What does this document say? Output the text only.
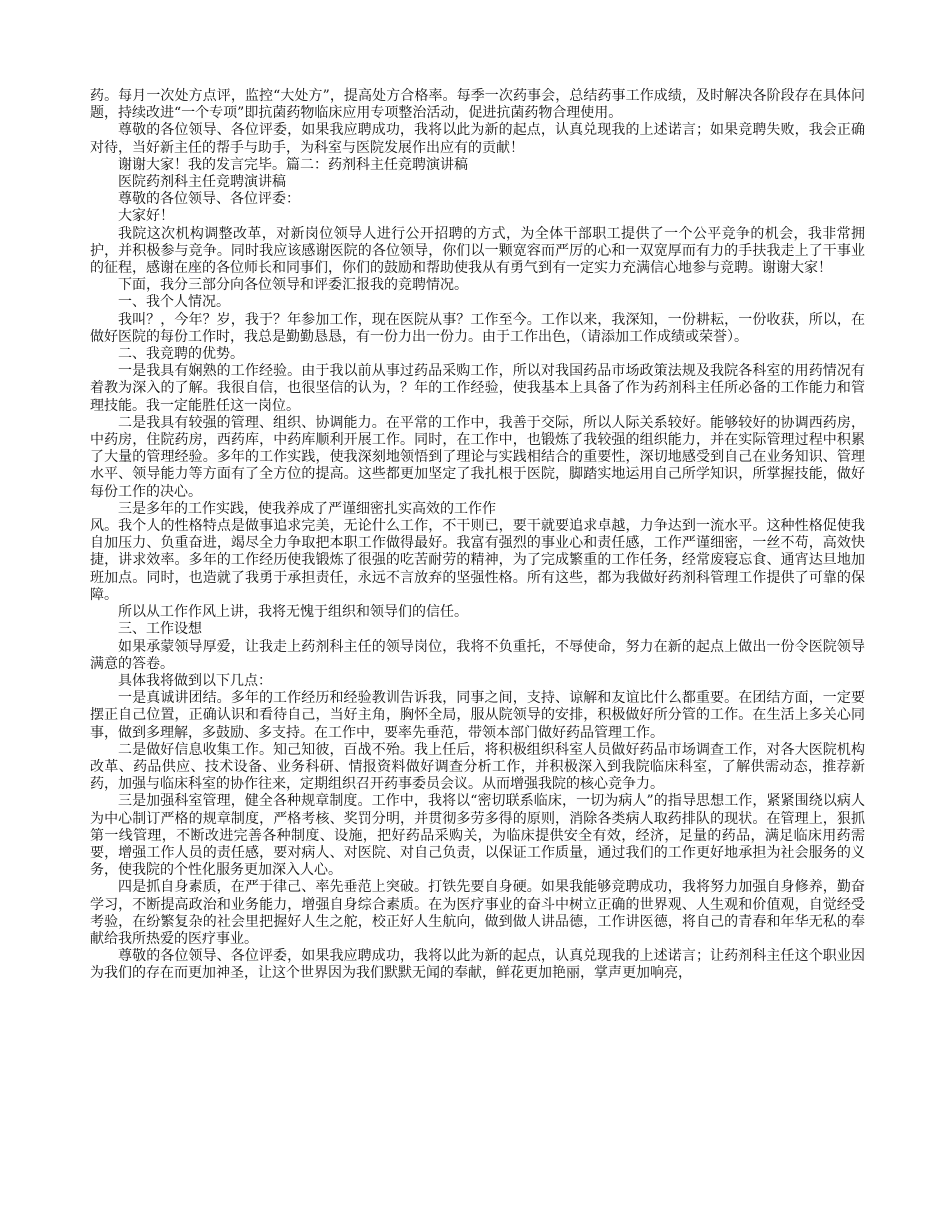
药。每月一次处方点评，监控“大处方”，提高处方合格率。每季一次药事会，总结药事工作成绩，及时解决各阶段存在具体问题，持续改进“一个专项”即抗菌药物临床应用专项整治活动，促进抗菌药物合理使用。

尊敬的各位领导、各位评委，如果我应聘成功，我将以此为新的起点，认真兑现我的上述诺言；如果竞聘失败，我会正确对待，当好新主任的帮手与助手，为科室与医院发展作出应有的贡献！

谢谢大家！我的发言完毕。篇二：药剂科主任竞聘演讲稿

医院药剂科主任竞聘演讲稿

尊敬的各位领导、各位评委：

大家好！

我院这次机构调整改革，对新岗位领导人进行公开招聘的方式，为全体干部职工提供了一个公平竞争的机会，我非常拥护，并积极参与竞争。同时我应该感谢医院的各位领导，你们以一颗宽容而严厉的心和一双宽厚而有力的手扶我走上了干事业的征程，感谢在座的各位师长和同事们，你们的鼓励和帮助使我从有勇气到有一定实力充满信心地参与竞聘。谢谢大家！

下面，我分三部分向各位领导和评委汇报我的竞聘情况。

一、我个人情况。

我叫？，今年？岁，我于？年参加工作，现在医院从事？工作至今。工作以来，我深知，一份耕耘，一份收获，所以，在做好医院的每份工作时，我总是勤勤恳恳，有一份力出一份力。由于工作出色，（请添加工作成绩或荣誉）。

二、我竞聘的优势。

一是我具有娴熟的工作经验。由于我以前从事过药品采购工作，所以对我国药品市场政策法规及我院各科室的用药情况有着教为深入的了解。我很自信，也很坚信的认为，？年的工作经验，使我基本上具备了作为药剂科主任所必备的工作能力和管理技能。我一定能胜任这一岗位。

二是我具有较强的管理、组织、协调能力。在平常的工作中，我善于交际，所以人际关系较好。能够较好的协调西药房，中药房，住院药房，西药库，中药库顺利开展工作。同时，在工作中，也锻炼了我较强的组织能力，并在实际管理过程中积累了大量的管理经验。多年的工作实践，使我深刻地领悟到了理论与实践相结合的重要性，深切地感受到自己在业务知识、管理水平、领导能力等方面有了全方位的提高。这些都更加坚定了我扎根于医院，脚踏实地运用自己所学知识，所掌握技能，做好每份工作的决心。

三是多年的工作实践，使我养成了严谨细密扎实高效的工作作

风。我个人的性格特点是做事追求完美，无论什么工作，不干则已，要干就要追求卓越，力争达到一流水平。这种性格促使我自加压力、负重奋进，竭尽全力争取把本职工作做得最好。我富有强烈的事业心和责任感，工作严谨细密，一丝不苟，高效快捷，讲求效率。多年的工作经历使我锻炼了很强的吃苦耐劳的精神，为了完成繁重的工作任务，经常废寝忘食、通宵达旦地加班加点。同时，也造就了我勇于承担责任，永远不言放弃的坚强性格。所有这些，都为我做好药剂科管理工作提供了可靠的保障。

所以从工作作风上讲，我将无愧于组织和领导们的信任。

三、工作设想

如果承蒙领导厚爱，让我走上药剂科主任的领导岗位，我将不负重托，不辱使命，努力在新的起点上做出一份令医院领导满意的答卷。

具体我将做到以下几点：

一是真诚讲团结。多年的工作经历和经验教训告诉我，同事之间，支持、谅解和友谊比什么都重要。在团结方面，一定要摆正自己位置，正确认识和看待自己，当好主角，胸怀全局，服从院领导的安排，积极做好所分管的工作。在生活上多关心同事，做到多理解，多鼓励、多支持。在工作中，要率先垂范，带领本部门做好药品管理工作。

二是做好信息收集工作。知己知彼，百战不殆。我上任后，将积极组织科室人员做好药品市场调查工作，对各大医院机构改革、药品供应、技术设备、业务科研、情报资料做好调查分析工作，并积极深入到我院临床科室，了解供需动态，推荐新药，加强与临床科室的协作往来，定期组织召开药事委员会议。从而增强我院的核心竞争力。

三是加强科室管理，健全各种规章制度。工作中，我将以“密切联系临床，一切为病人”的指导思想工作，紧紧围绕以病人为中心制订严格的规章制度，严格考核、奖罚分明，并贯彻多劳多得的原则，消除各类病人取药排队的现状。在管理上，狠抓第一线管理，不断改进完善各种制度、设施，把好药品采购关，为临床提供安全有效，经济，足量的药品，满足临床用药需要，增强工作人员的责任感，要对病人、对医院、对自己负责，以保证工作质量，通过我们的工作更好地承担为社会服务的义务，使我院的个性化服务更加深入人心。

四是抓自身素质，在严于律己、率先垂范上突破。打铁先要自身硬。如果我能够竞聘成功，我将努力加强自身修养，勤奋学习，不断提高政治和业务能力，增强自身综合素质。在为医疗事业的奋斗中树立正确的世界观、人生观和价值观，自觉经受考验，在纷繁复杂的社会里把握好人生之舵，校正好人生航向，做到做人讲品德，工作讲医德，将自己的青春和年华无私的奉献给我所热爱的医疗事业。

尊敬的各位领导、各位评委，如果我应聘成功，我将以此为新的起点，认真兑现我的上述诺言；让药剂科主任这个职业因为我们的存在而更加神圣，让这个世界因为我们默默无闻的奉献，鲜花更加艳丽，掌声更加响亮，
